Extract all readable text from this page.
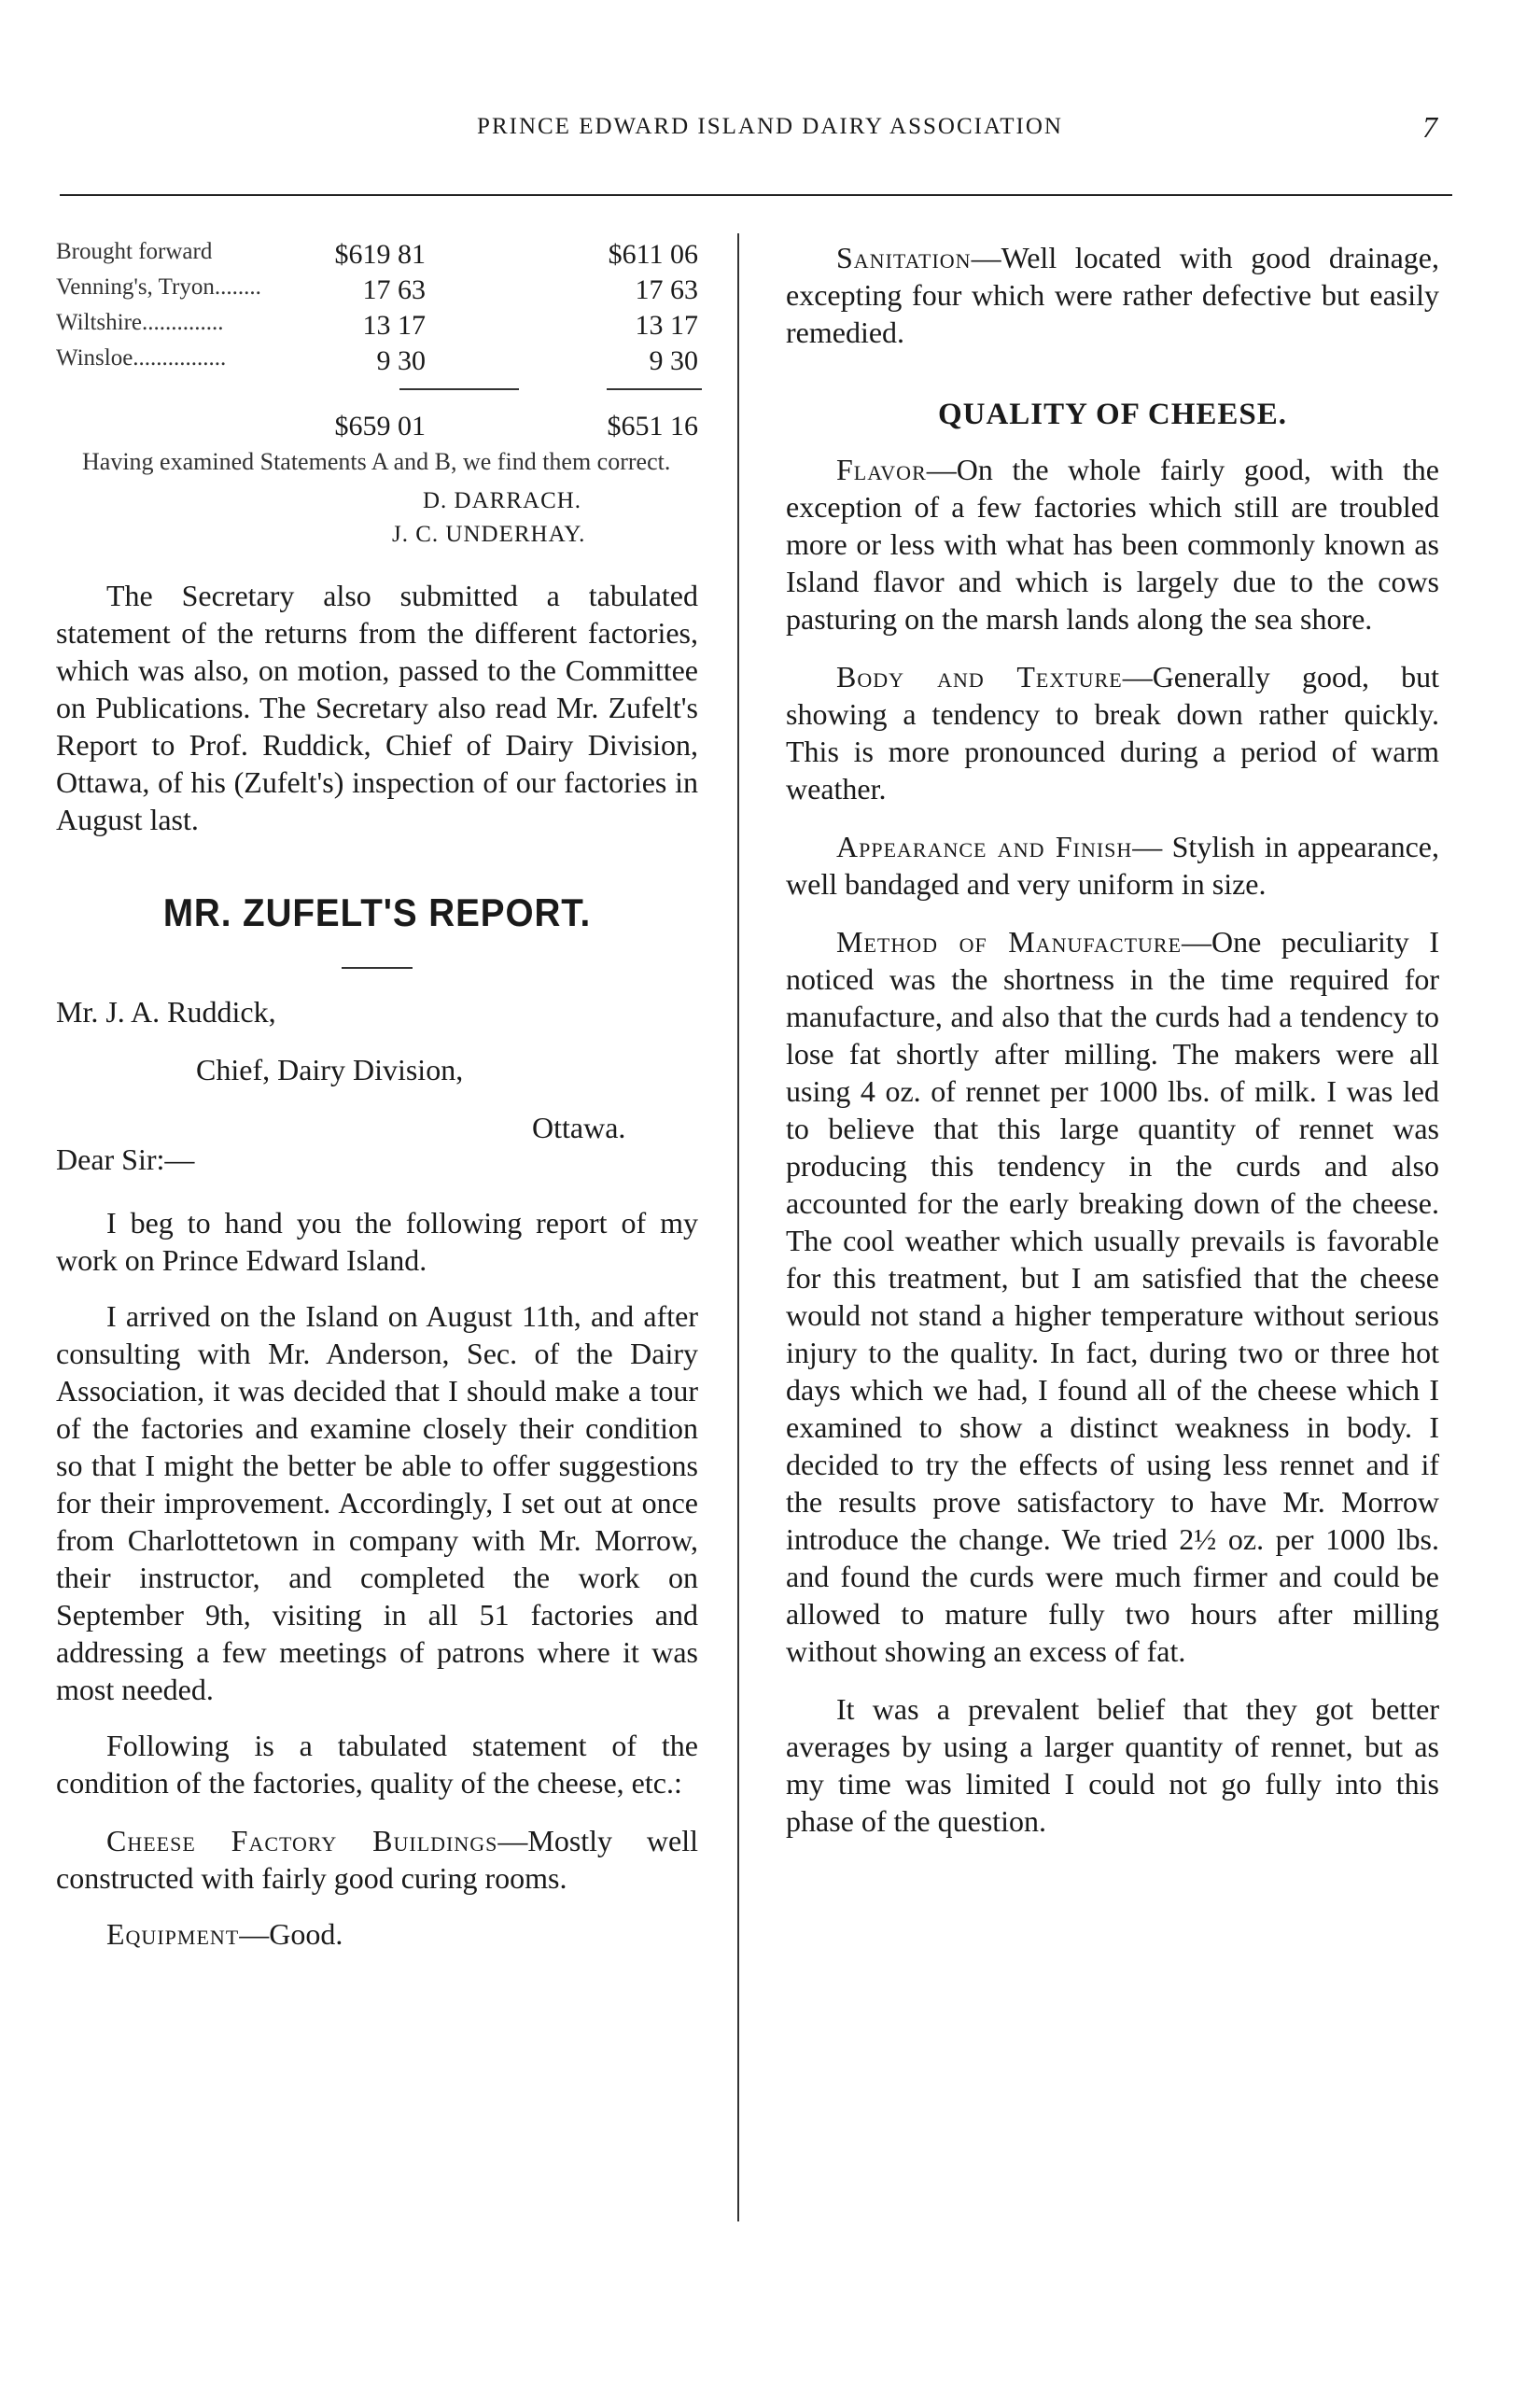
PRINCE EDWARD ISLAND DAIRY ASSOCIATION	7
Brought forward	$619 81	$611 06
Venning's, Tryon........	17 63	17 63
Wiltshire..............	13 17	13 17
Winsloe................	9 30	9 30
$659 01	$651 16

Having examined Statements A and B, we find them correct.

D. DARRACH.

J. C. UNDERHAY.

The Secretary also submitted a tabulated statement of the returns from the different factories, which was also, on motion, passed to the Committee on Publications. The Secretary also read Mr. Zufelt's Report to Prof. Ruddick, Chief of Dairy Division, Ottawa, of his (Zufelt's) inspection of our factories in August last.

MR. ZUFELT'S REPORT.

Mr. J. A. Ruddick,

Chief, Dairy Division,

Ottawa.

Dear Sir:—

I beg to hand you the following report of my work on Prince Edward Island.

I arrived on the Island on August 11th, and after consulting with Mr. Anderson, Sec. of the Dairy Association, it was decided that I should make a tour of the factories and examine closely their condition so that I might the better be able to offer suggestions for their improvement. Accordingly, I set out at once from Charlottetown in company with Mr. Morrow, their instructor, and completed the work on September 9th, visiting in all 51 factories and addressing a few meetings of patrons where it was most needed.

Following is a tabulated statement of the condition of the factories, quality of the cheese, etc.:

Cheese Factory Buildings—Mostly well constructed with fairly good curing rooms.

Equipment—Good.

Sanitation—Well located with good drainage, excepting four which were rather defective but easily remedied.

QUALITY OF CHEESE.

Flavor—On the whole fairly good, with the exception of a few factories which still are troubled more or less with what has been commonly known as Island flavor and which is largely due to the cows pasturing on the marsh lands along the sea shore.

Body and Texture—Generally good, but showing a tendency to break down rather quickly. This is more pronounced during a period of warm weather.

Appearance and Finish— Stylish in appearance, well bandaged and very uniform in size.

Method of Manufacture—One peculiarity I noticed was the shortness in the time required for manufacture, and also that the curds had a tendency to lose fat shortly after milling. The makers were all using 4 oz. of rennet per 1000 lbs. of milk. I was led to believe that this large quantity of rennet was producing this tendency in the curds and also accounted for the early breaking down of the cheese. The cool weather which usually prevails is favorable for this treatment, but I am satisfied that the cheese would not stand a higher temperature without serious injury to the quality. In fact, during two or three hot days which we had, I found all of the cheese which I examined to show a distinct weakness in body. I decided to try the effects of using less rennet and if the results prove satisfactory to have Mr. Morrow introduce the change. We tried 2½ oz. per 1000 lbs. and found the curds were much firmer and could be allowed to mature fully two hours after milling without showing an excess of fat.

It was a prevalent belief that they got better averages by using a larger quantity of rennet, but as my time was limited I could not go fully into this phase of the question.
